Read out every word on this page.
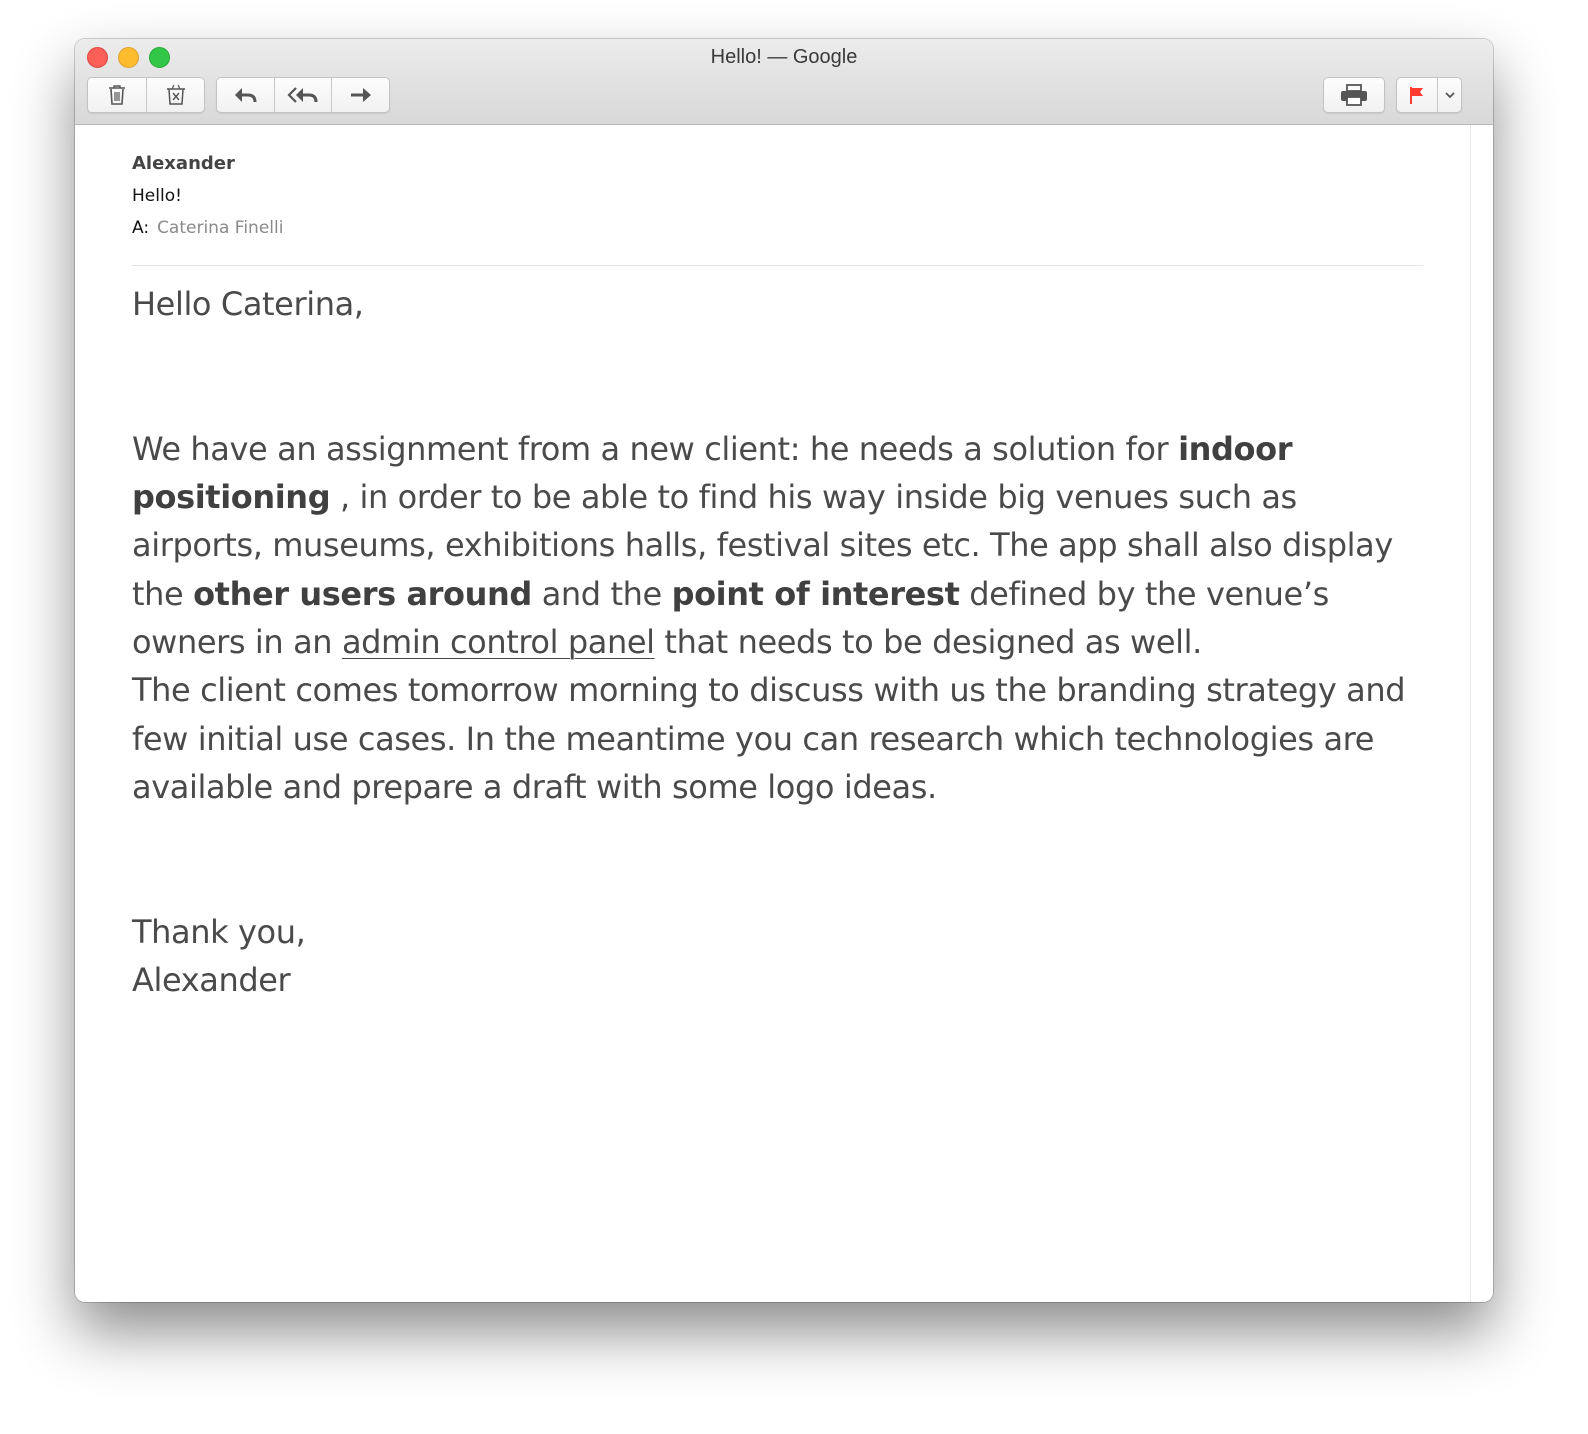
Hello! — Google
Alexander
Hello!
A: Caterina Finelli

Hello Caterina,

We have an assignment from a new client: he needs a solution for indoor positioning , in order to be able to find his way inside big venues such as airports, museums, exhibitions halls, festival sites etc. The app shall also display the other users around and the point of interest defined by the venue’s owners in an admin control panel that needs to be designed as well.

The client comes tomorrow morning to discuss with us the branding strategy and few initial use cases. In the meantime you can research which technologies are available and prepare a draft with some logo ideas.

Thank you,

Alexander
